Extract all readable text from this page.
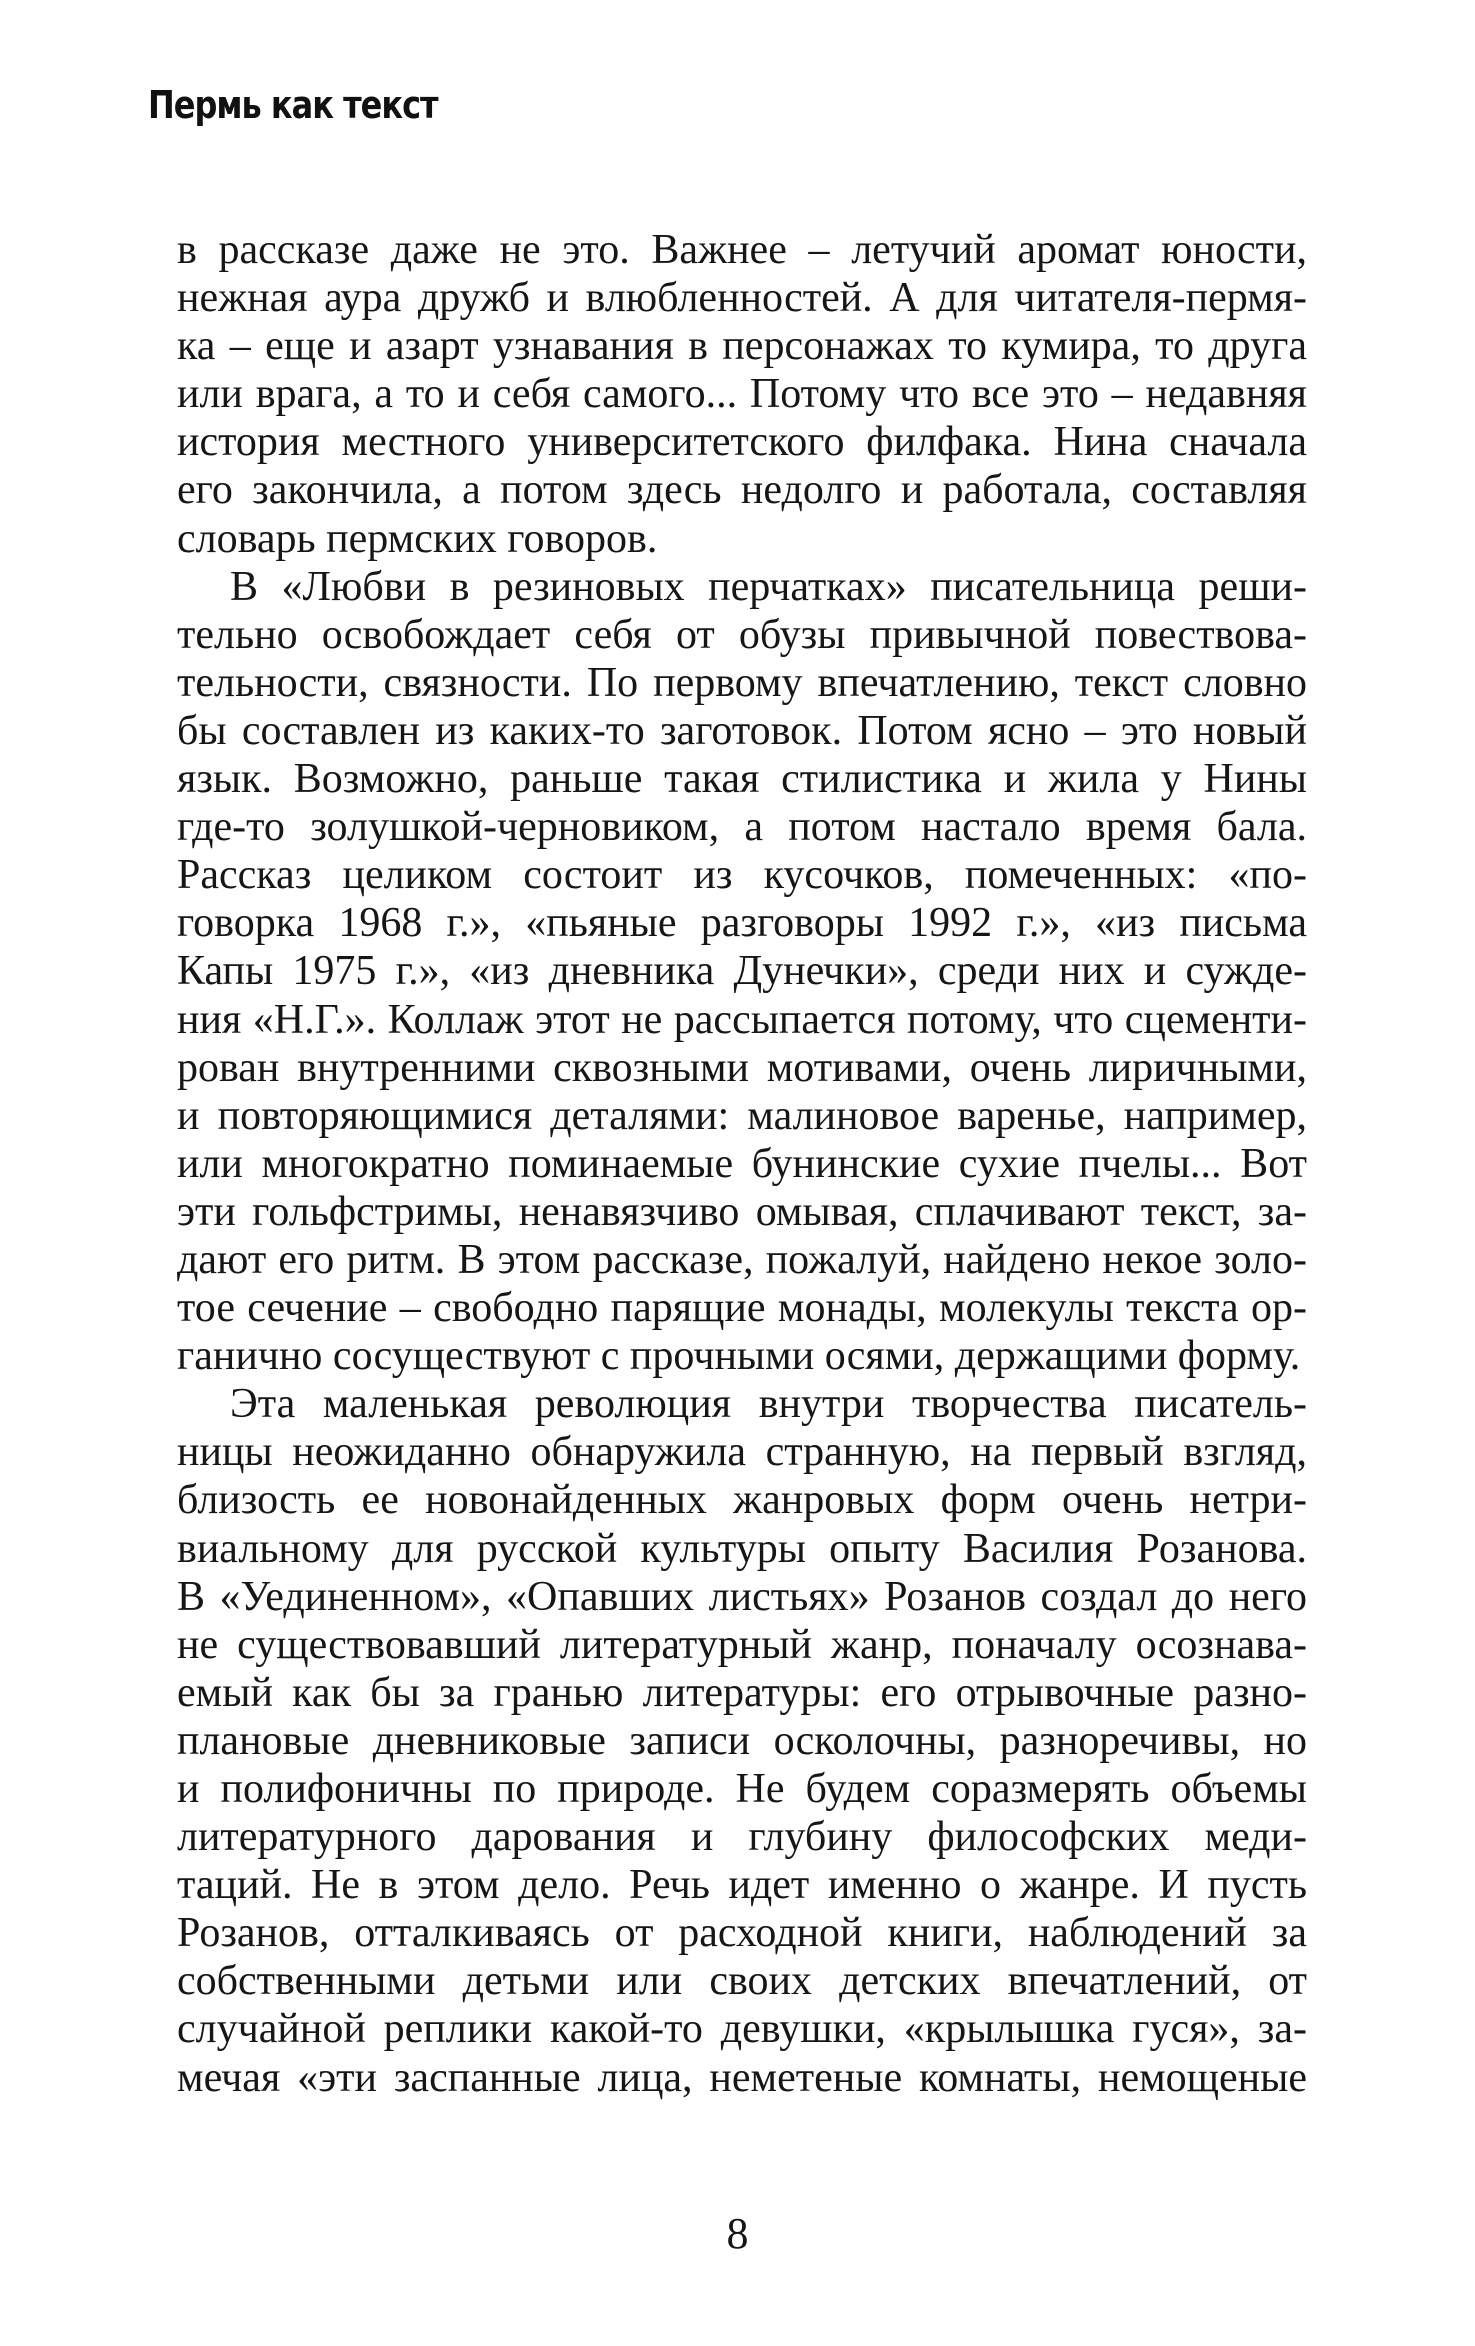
Пермь как текст

в рассказе даже не это. Важнее – летучий аромат юности,

нежная аура дружб и влюбленностей. А для читателя-пермя-

ка – еще и азарт узнавания в персонажах то кумира, то друга

или врага, а то и себя самого... Потому что все это – недавняя

история местного университетского филфака. Нина сначала

его закончила, а потом здесь недолго и работала, составляя

словарь пермских говоров.

В «Любви в резиновых перчатках» писательница реши-

тельно освобождает себя от обузы привычной повествова-

тельности, связности. По первому впечатлению, текст словно

бы составлен из каких-то заготовок. Потом ясно – это новый

язык. Возможно, раньше такая стилистика и жила у Нины

где-то золушкой-черновиком, а потом настало время бала.

Рассказ целиком состоит из кусочков, помеченных: «по-

говорка 1968 г.», «пьяные разговоры 1992 г.», «из письма

Капы 1975 г.», «из дневника Дунечки», среди них и сужде-

ния «Н.Г.». Коллаж этот не рассыпается потому, что сцементи-

рован внутренними сквозными мотивами, очень лиричными,

и повторяющимися деталями: малиновое варенье, например,

или многократно поминаемые бунинские сухие пчелы... Вот

эти гольфстримы, ненавязчиво омывая, сплачивают текст, за-

дают его ритм. В этом рассказе, пожалуй, найдено некое золо-

тое сечение – свободно парящие монады, молекулы текста ор-

ганично сосуществуют с прочными осями, держащими форму.

Эта маленькая революция внутри творчества писатель-

ницы неожиданно обнаружила странную, на первый взгляд,

близость ее новонайденных жанровых форм очень нетри-

виальному для русской культуры опыту Василия Розанова.

В «Уединенном», «Опавших листьях» Розанов создал до него

не существовавший литературный жанр, поначалу осознава-

емый как бы за гранью литературы: его отрывочные разно-

плановые дневниковые записи осколочны, разноречивы, но

и полифоничны по природе. Не будем соразмерять объемы

литературного дарования и глубину философских меди-

таций. Не в этом дело. Речь идет именно о жанре. И пусть

Розанов, отталкиваясь от расходной книги, наблюдений за

собственными детьми или своих детских впечатлений, от

случайной реплики какой-то девушки, «крылышка гуся», за-

мечая «эти заспанные лица, неметеные комнаты, немощеные

8
